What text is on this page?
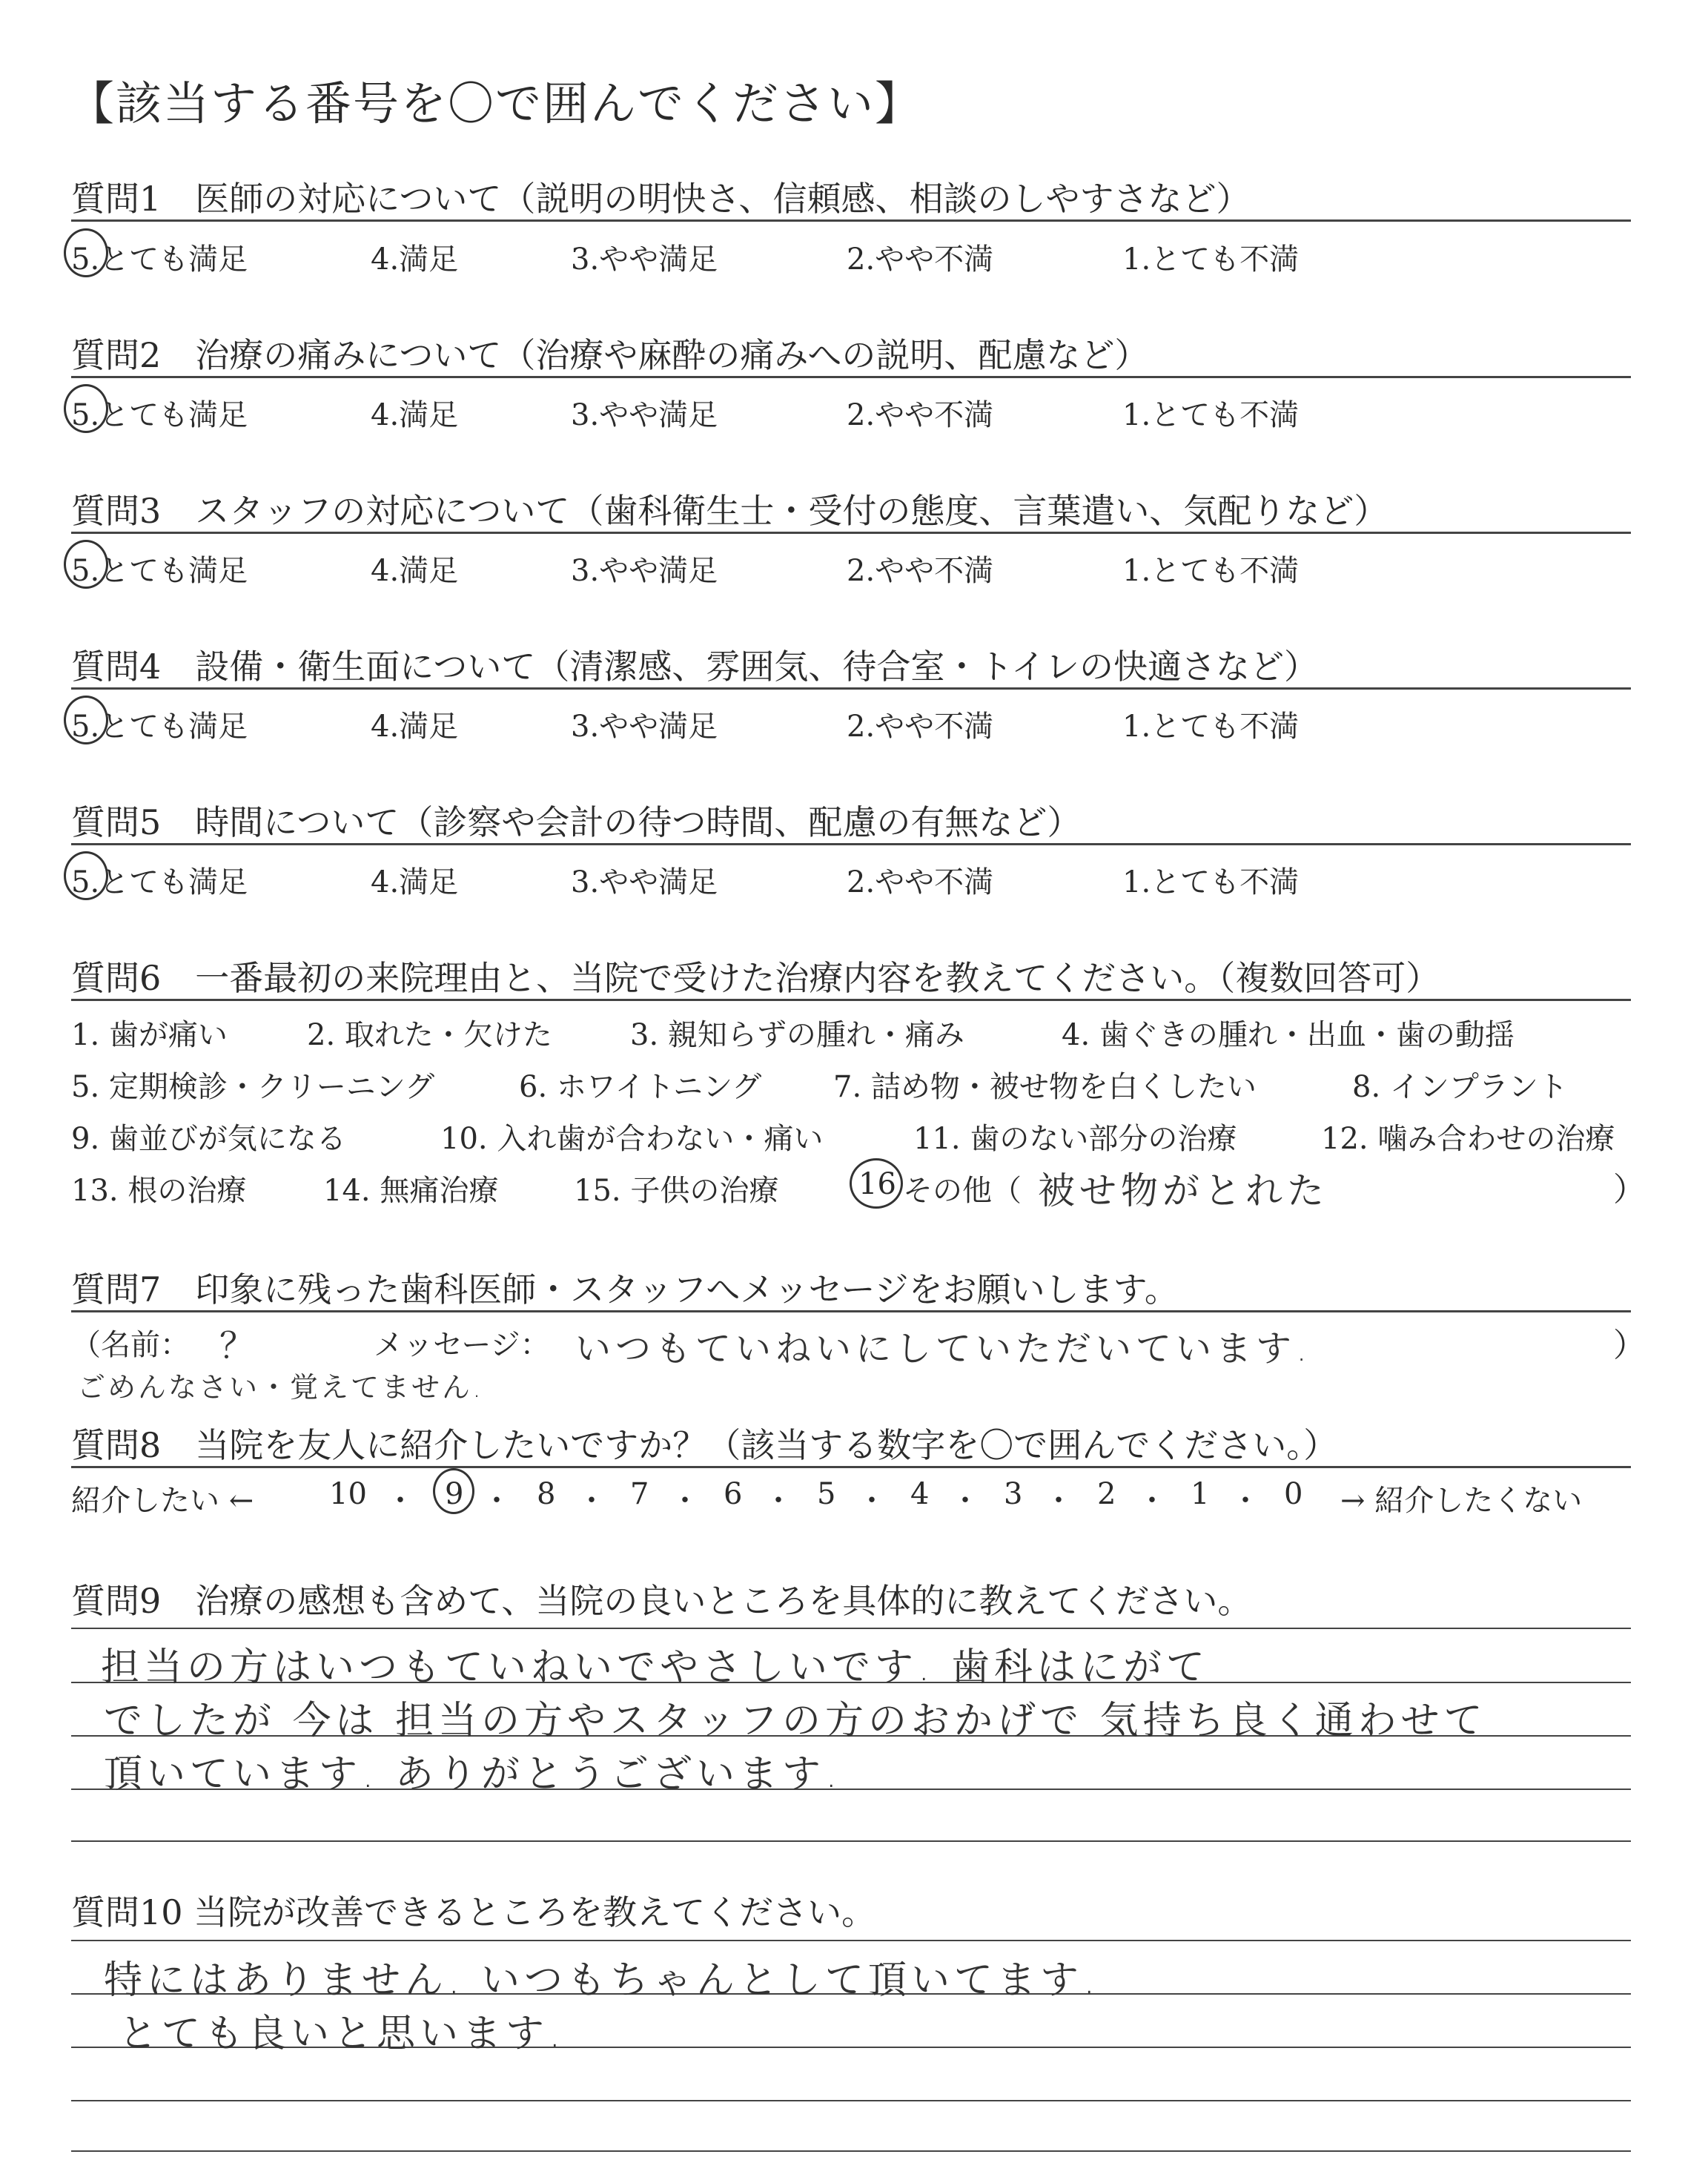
【該当する番号を〇で囲んでください】
質問1　医師の対応について（説明の明快さ、信頼感、相談のしやすさなど）
5.とても満足	4.満足	3.やや満足	2.やや不満	1.とても不満
質問2　治療の痛みについて（治療や麻酔の痛みへの説明、配慮など）
5.とても満足	4.満足	3.やや満足	2.やや不満	1.とても不満
質問3　スタッフの対応について（歯科衛生士・受付の態度、言葉遣い、気配りなど）
5.とても満足	4.満足	3.やや満足	2.やや不満	1.とても不満
質問4　設備・衛生面について（清潔感、雰囲気、待合室・トイレの快適さなど）
5.とても満足	4.満足	3.やや満足	2.やや不満	1.とても不満
質問5　時間について（診察や会計の待つ時間、配慮の有無など）
5.とても満足	4.満足	3.やや満足	2.やや不満	1.とても不満
質問6　一番最初の来院理由と、当院で受けた治療内容を教えてください。（複数回答可）
1. 歯が痛い	2. 取れた・欠けた	3. 親知らずの腫れ・痛み	4. 歯ぐきの腫れ・出血・歯の動揺
5. 定期検診・クリーニング	6. ホワイトニング 7. 詰め物・被せ物を白くしたい	8. インプラント
9. 歯並びが気になる	10. 入れ歯が合わない・痛い	11. 歯のない部分の治療	12. 噛み合わせの治療
13. 根の治療	14. 無痛治療	15. 子供の治療	16 その他（ 被せ物がとれた	）
質問7　印象に残った歯科医師・スタッフへメッセージをお願いします。
（名前： ？	メッセージ： いつもていねいにしていただいています.	）
ごめんなさい・覚えてません.
質問8　当院を友人に紹介したいですか？（該当する数字を〇で囲んでください。）
紹介したい ←	10 ・ 9 ・ 8 ・ 7 ・ 6 ・ 5 ・ 4 ・ 3 ・ 2 ・ 1 ・ 0 → 紹介したくない
質問9　治療の感想も含めて、当院の良いところを具体的に教えてください。
担当の方はいつもていねいでやさしいです. 歯科はにがて
でしたが 今は 担当の方やスタッフの方のおかげで 気持ち良く通わせて
頂いています. ありがとうございます.
質問10 当院が改善できるところを教えてください。
特にはありません. いつもちゃんとして頂いてます.
とても良いと思います.
